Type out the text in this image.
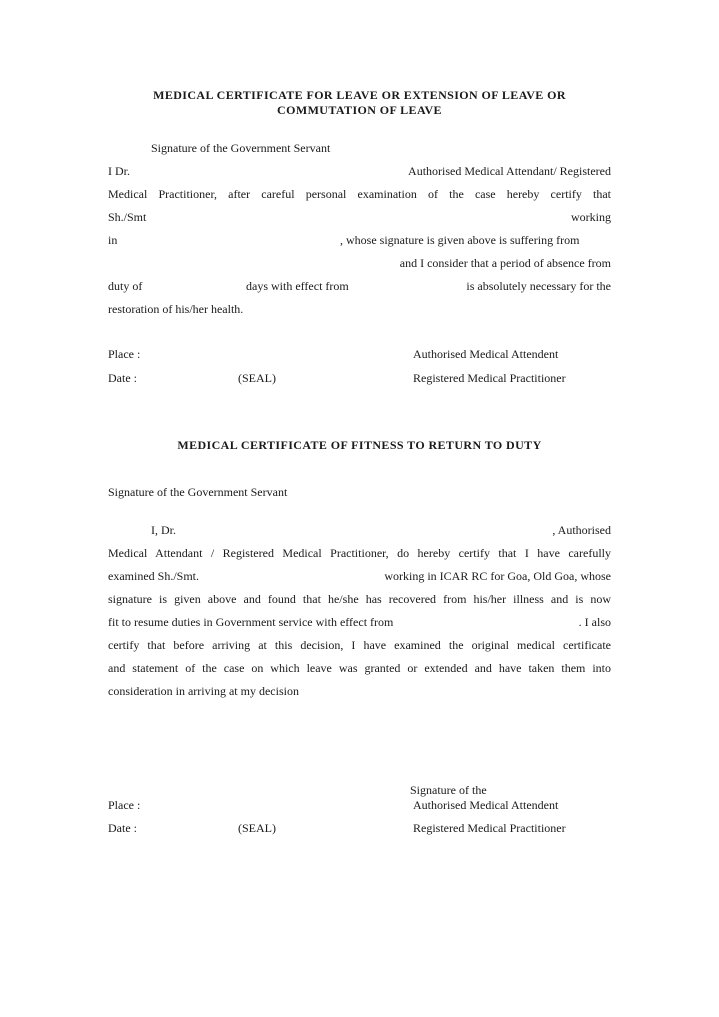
MEDICAL CERTIFICATE FOR LEAVE OR EXTENSION OF LEAVE OR
COMMUTATION OF LEAVE
Signature of the Government Servant
I Dr.	Authorised Medical Attendant/ Registered
Medical  Practitioner,  after  careful  personal  examination  of  the  case  hereby  certify  that
Sh./Smt	working
in	, whose signature is given above is suffering from
and I consider that a period of absence from
duty of	days with effect from	is absolutely necessary for the
restoration of his/her health.
Place :	Authorised Medical Attendent
Date :	(SEAL)	Registered Medical Practitioner
MEDICAL CERTIFICATE OF FITNESS TO RETURN TO DUTY
Signature of the Government Servant
I, Dr.	, Authorised
Medical  Attendant  /  Registered  Medical  Practitioner,  do  hereby  certify  that  I  have  carefully
examined Sh./Smt.	working in ICAR RC for Goa, Old Goa, whose
signature  is  given  above  and  found  that  he/she  has  recovered  from  his/her  illness  and  is  now
fit to resume duties in Government service with effect from	. I also
certify  that  before  arriving  at  this  decision,  I  have  examined  the  original  medical  certificate
and  statement  of  the  case  on  which  leave  was  granted  or  extended  and  have  taken  them  into
consideration in arriving at my decision
Signature of the
Place :	Authorised Medical Attendent
Date :	(SEAL)	Registered Medical Practitioner
